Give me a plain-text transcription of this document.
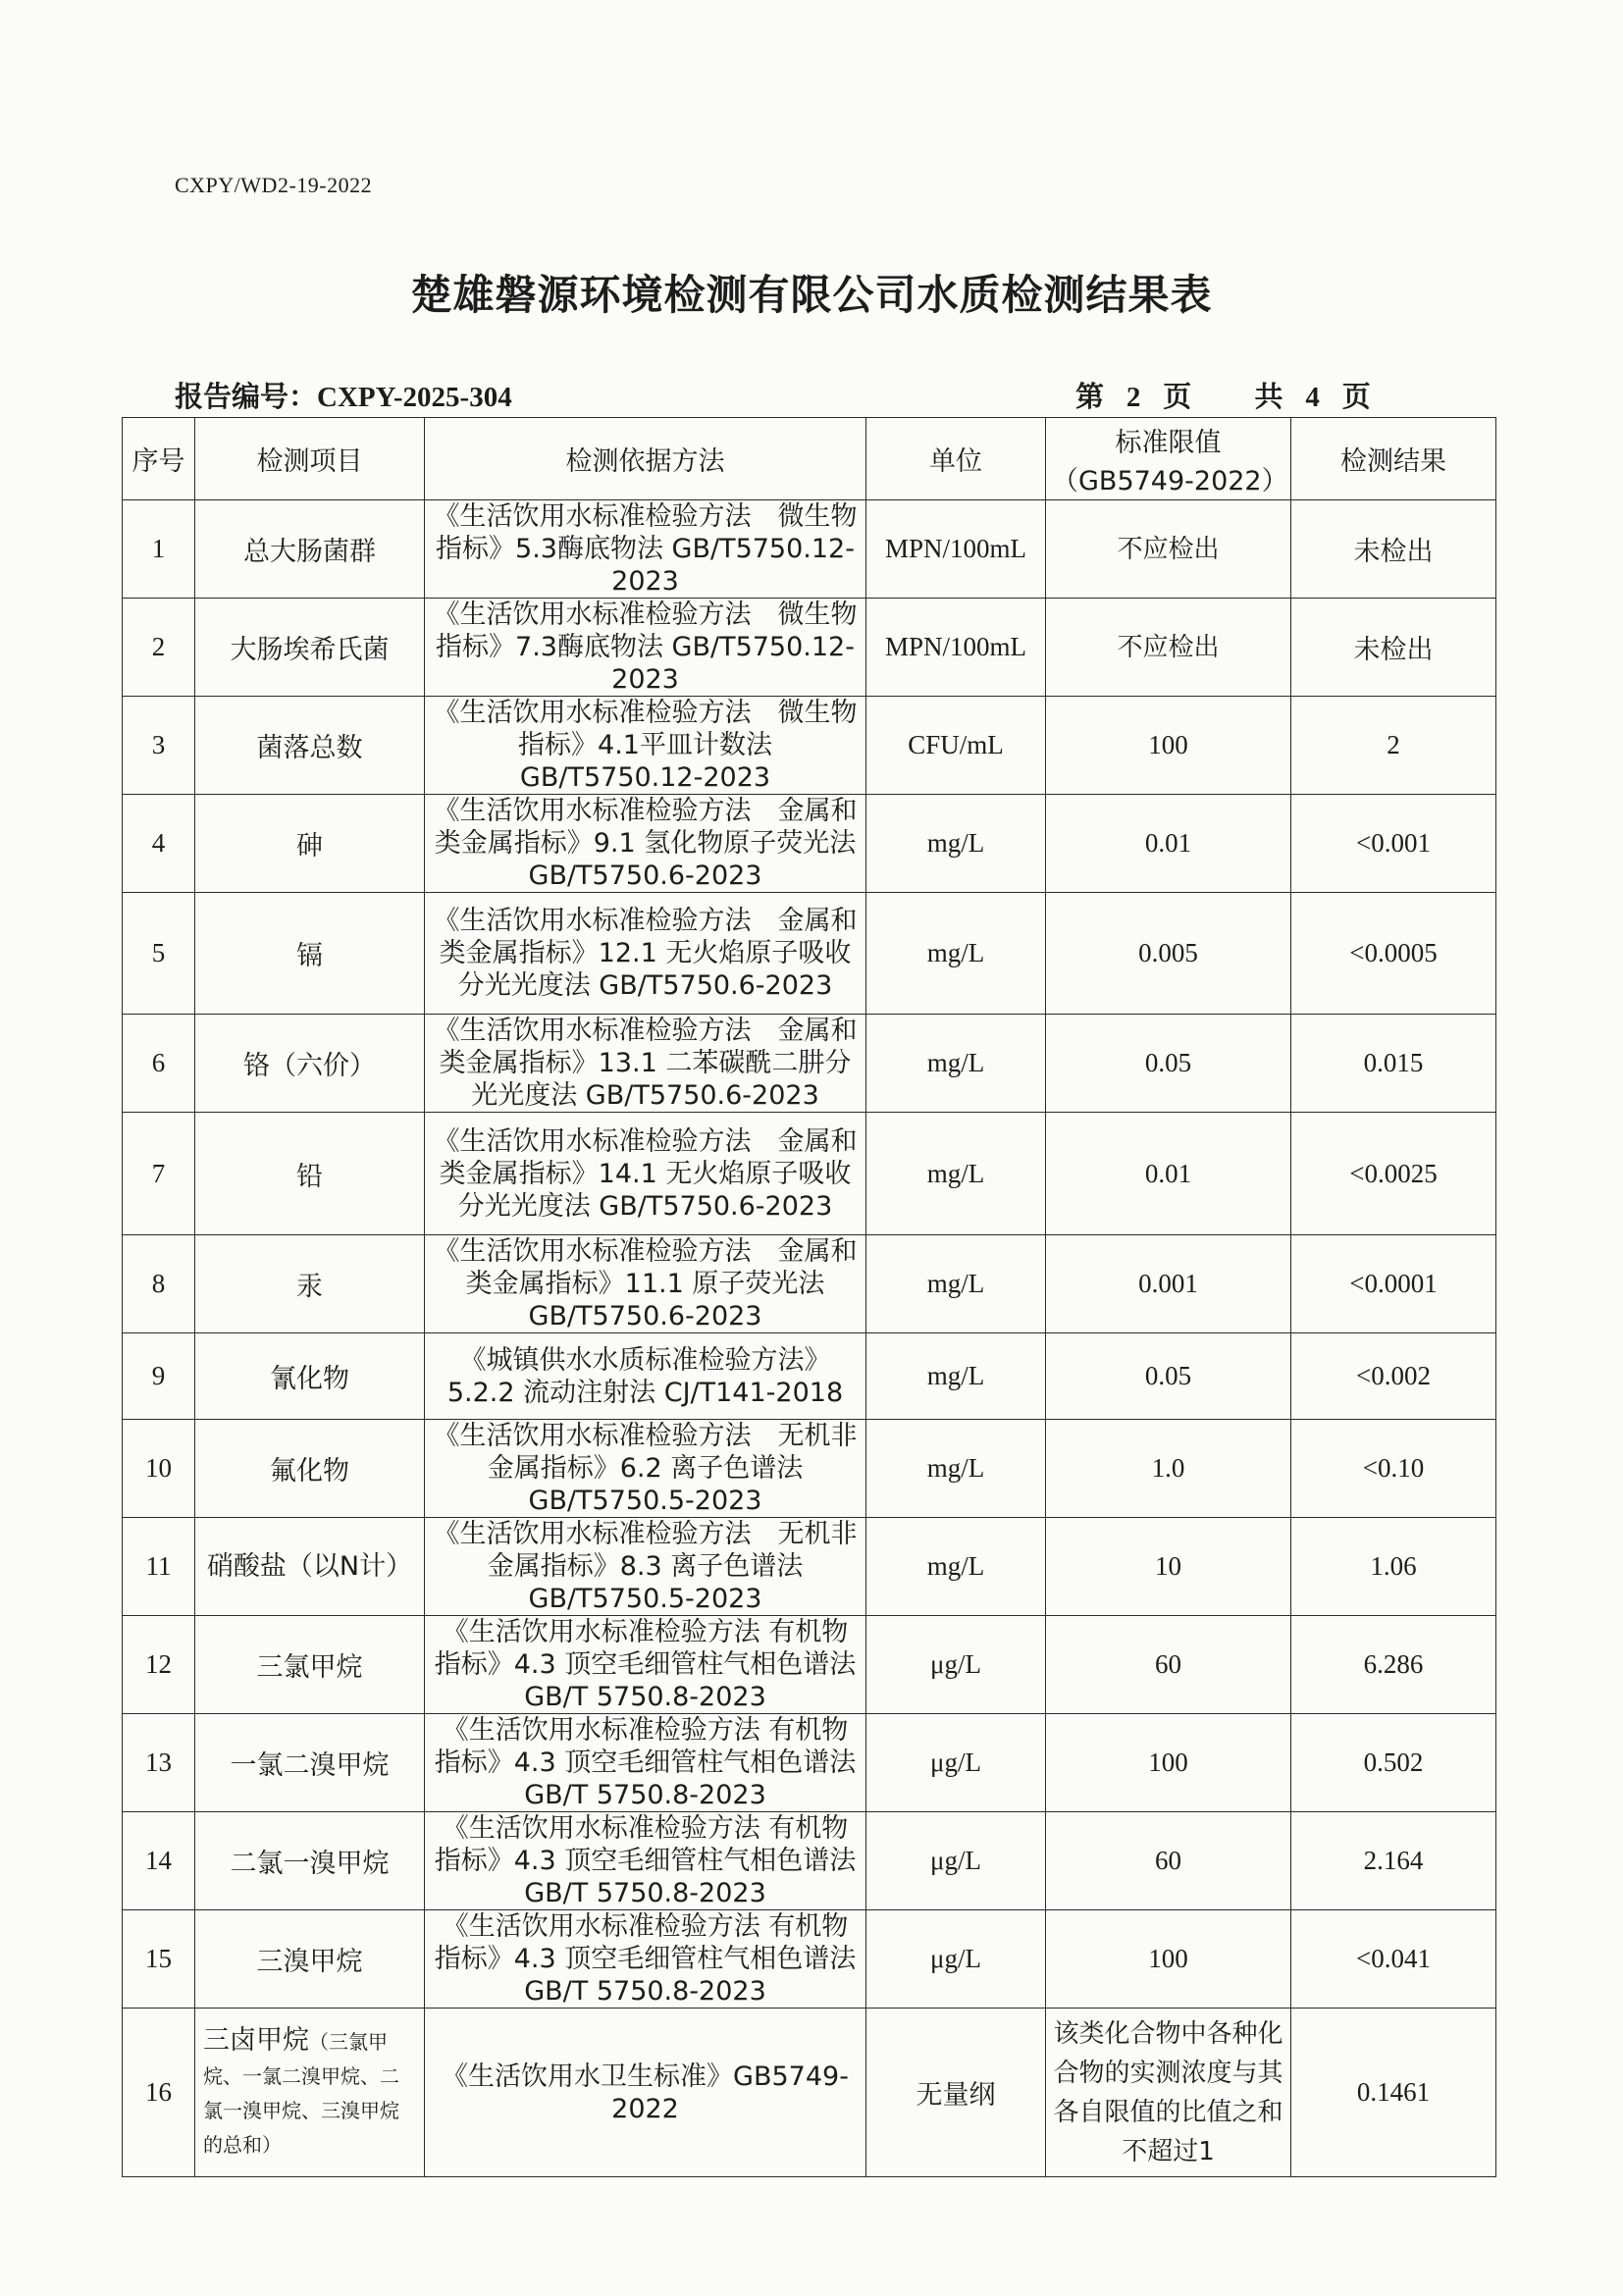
CXPY/WD2-19-2022
楚雄磐源环境检测有限公司水质检测结果表
报告编号：CXPY-2025-304	第 2 页 共 4 页
序号	检测项目	检测依据方法	单位	标准限值（GB5749-2022）	检测结果
1	总大肠菌群	《生活饮用水标准检验方法　微生物指标》5.3酶底物法 GB/T5750.12-2023	MPN/100mL	不应检出	未检出
2	大肠埃希氏菌	《生活饮用水标准检验方法　微生物指标》7.3酶底物法 GB/T5750.12-2023	MPN/100mL	不应检出	未检出
3	菌落总数	《生活饮用水标准检验方法　微生物指标》4.1平皿计数法 GB/T5750.12-2023	CFU/mL	100	2
4	砷	《生活饮用水标准检验方法　金属和类金属指标》9.1 氢化物原子荧光法 GB/T5750.6-2023	mg/L	0.01	<0.001
5	镉	《生活饮用水标准检验方法　金属和类金属指标》12.1 无火焰原子吸收分光光度法 GB/T5750.6-2023	mg/L	0.005	<0.0005
6	铬（六价）	《生活饮用水标准检验方法　金属和类金属指标》13.1 二苯碳酰二肼分光光度法 GB/T5750.6-2023	mg/L	0.05	0.015
7	铅	《生活饮用水标准检验方法　金属和类金属指标》14.1 无火焰原子吸收分光光度法 GB/T5750.6-2023	mg/L	0.01	<0.0025
8	汞	《生活饮用水标准检验方法　金属和类金属指标》11.1 原子荧光法 GB/T5750.6-2023	mg/L	0.001	<0.0001
9	氰化物	《城镇供水水质标准检验方法》5.2.2 流动注射法 CJ/T141-2018	mg/L	0.05	<0.002
10	氟化物	《生活饮用水标准检验方法　无机非金属指标》6.2 离子色谱法 GB/T5750.5-2023	mg/L	1.0	<0.10
11	硝酸盐（以N计）	《生活饮用水标准检验方法　无机非金属指标》8.3 离子色谱法 GB/T5750.5-2023	mg/L	10	1.06
12	三氯甲烷	《生活饮用水标准检验方法 有机物指标》4.3 顶空毛细管柱气相色谱法 GB/T 5750.8-2023	μg/L	60	6.286
13	一氯二溴甲烷	《生活饮用水标准检验方法 有机物指标》4.3 顶空毛细管柱气相色谱法 GB/T 5750.8-2023	μg/L	100	0.502
14	二氯一溴甲烷	《生活饮用水标准检验方法 有机物指标》4.3 顶空毛细管柱气相色谱法 GB/T 5750.8-2023	μg/L	60	2.164
15	三溴甲烷	《生活饮用水标准检验方法 有机物指标》4.3 顶空毛细管柱气相色谱法 GB/T 5750.8-2023	μg/L	100	<0.041
16	三卤甲烷（三氯甲烷、一氯二溴甲烷、二氯一溴甲烷、三溴甲烷的总和）	《生活饮用水卫生标准》GB5749-2022	无量纲	该类化合物中各种化合物的实测浓度与其各自限值的比值之和不超过1	0.1461
